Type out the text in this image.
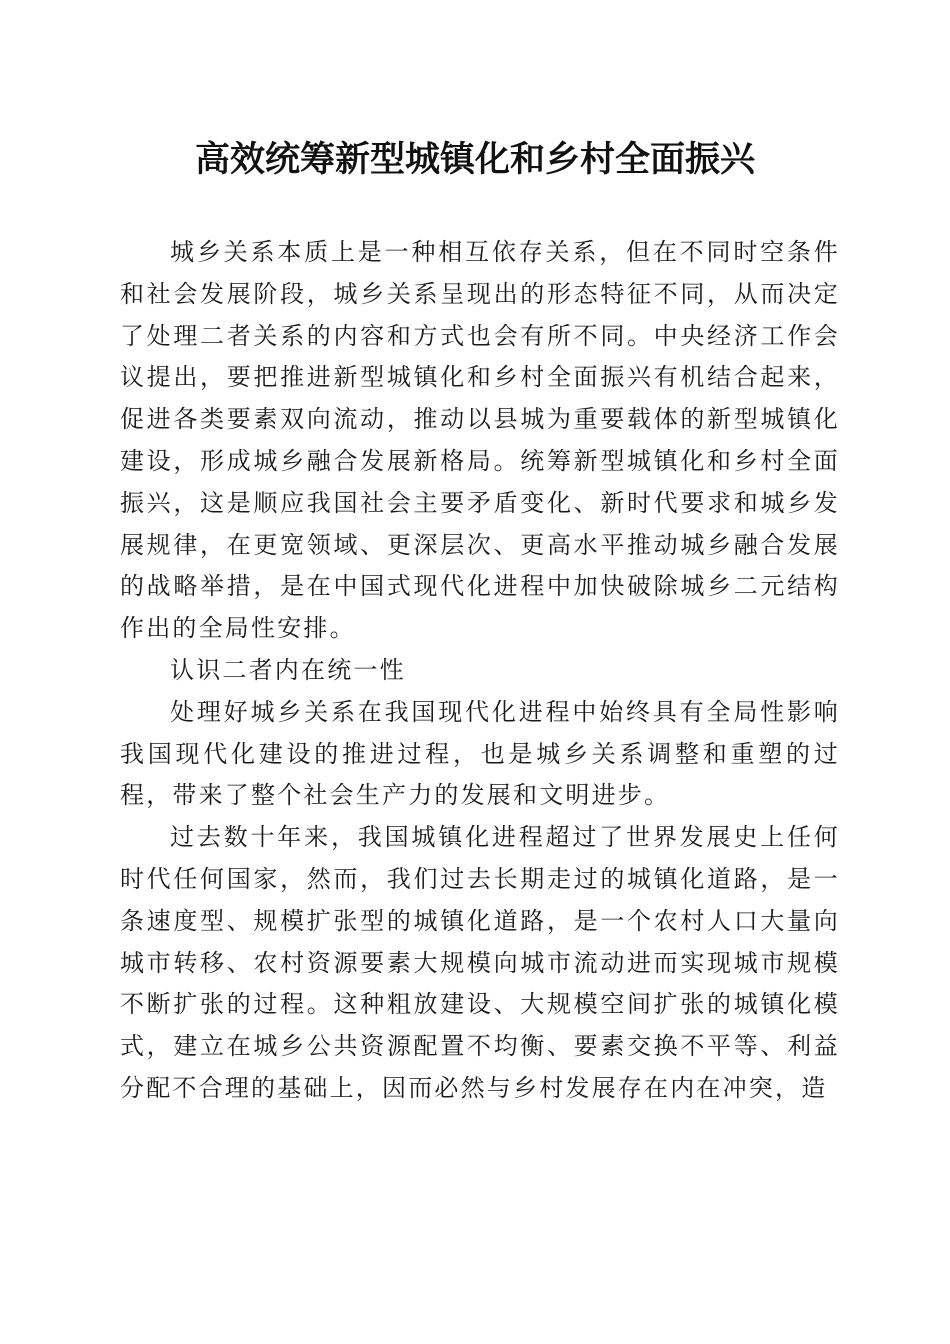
高效统筹新型城镇化和乡村全面振兴

城乡关系本质上是一种相互依存关系，但在不同时空条件和社会发展阶段，城乡关系呈现出的形态特征不同，从而决定了处理二者关系的内容和方式也会有所不同。中央经济工作会议提出，要把推进新型城镇化和乡村全面振兴有机结合起来，促进各类要素双向流动，推动以县城为重要载体的新型城镇化建设，形成城乡融合发展新格局。统筹新型城镇化和乡村全面振兴，这是顺应我国社会主要矛盾变化、新时代要求和城乡发展规律，在更宽领域、更深层次、更高水平推动城乡融合发展的战略举措，是在中国式现代化进程中加快破除城乡二元结构作出的全局性安排。

认识二者内在统一性

处理好城乡关系在我国现代化进程中始终具有全局性影响我国现代化建设的推进过程，也是城乡关系调整和重塑的过程，带来了整个社会生产力的发展和文明进步。

过去数十年来，我国城镇化进程超过了世界发展史上任何时代任何国家，然而，我们过去长期走过的城镇化道路，是一条速度型、规模扩张型的城镇化道路，是一个农村人口大量向城市转移、农村资源要素大规模向城市流动进而实现城市规模不断扩张的过程。这种粗放建设、大规模空间扩张的城镇化模式，建立在城乡公共资源配置不均衡、要素交换不平等、利益分配不合理的基础上，因而必然与乡村发展存在内在冲突，造
